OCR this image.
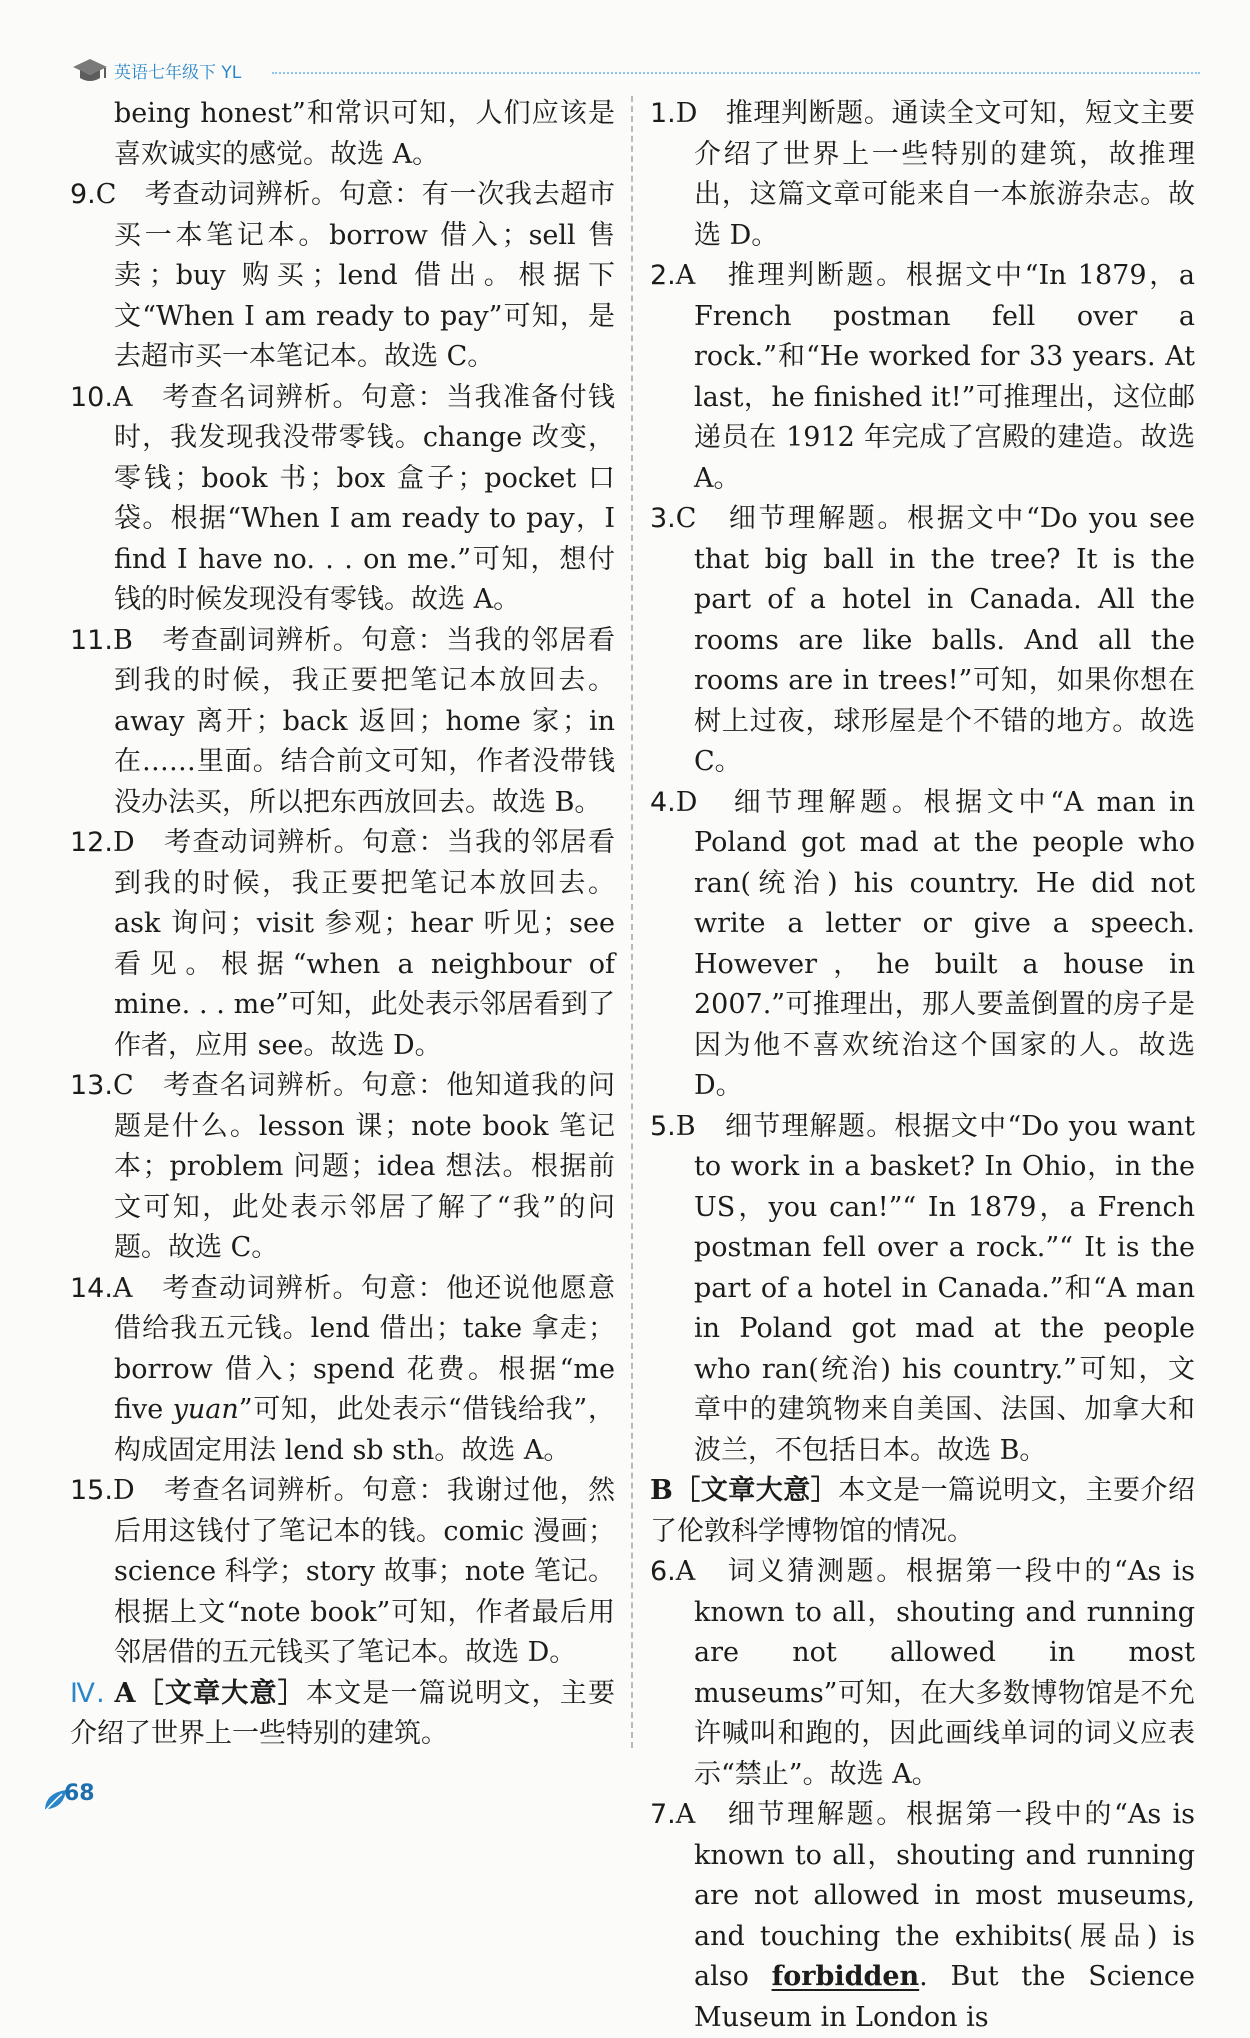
英语七年级下 YL

being honest”和常识可知，人们应该是喜欢诚实的感觉。故选 A。

9.C　考查动词辨析。句意：有一次我去超市买一本笔记本。borrow 借入；sell 售卖；buy 购买；lend 借出。根据下文“When I am ready to pay”可知，是去超市买一本笔记本。故选 C。

10.A　考查名词辨析。句意：当我准备付钱时，我发现我没带零钱。change 改变，零钱；book 书；box 盒子；pocket 口袋。根据“When I am ready to pay，I find I have no. . . on me.”可知，想付钱的时候发现没有零钱。故选 A。

11.B　考查副词辨析。句意：当我的邻居看到我的时候，我正要把笔记本放回去。away 离开；back 返回；home 家；in 在……里面。结合前文可知，作者没带钱没办法买，所以把东西放回去。故选 B。

12.D　考查动词辨析。句意：当我的邻居看到我的时候，我正要把笔记本放回去。ask 询问；visit 参观；hear 听见；see 看见。根据“when a neighbour of mine. . . me”可知，此处表示邻居看到了作者，应用 see。故选 D。

13.C　考查名词辨析。句意：他知道我的问题是什么。lesson 课；note book 笔记本；problem 问题；idea 想法。根据前文可知，此处表示邻居了解了“我”的问题。故选 C。

14.A　考查动词辨析。句意：他还说他愿意借给我五元钱。lend 借出；take 拿走；borrow 借入；spend 花费。根据“me five yuan”可知，此处表示“借钱给我”，构成固定用法 lend sb sth。故选 A。

15.D　考查名词辨析。句意：我谢过他，然后用这钱付了笔记本的钱。comic 漫画；science 科学；story 故事；note 笔记。根据上文“note book”可知，作者最后用邻居借的五元钱买了笔记本。故选 D。

Ⅳ. A［文章大意］本文是一篇说明文，主要介绍了世界上一些特别的建筑。

1.D　推理判断题。通读全文可知，短文主要介绍了世界上一些特别的建筑，故推理出，这篇文章可能来自一本旅游杂志。故选 D。

2.A　推理判断题。根据文中“In 1879，a French postman fell over a rock.”和“He worked for 33 years. At last，he finished it!”可推理出，这位邮递员在 1912 年完成了宫殿的建造。故选 A。

3.C　细节理解题。根据文中“Do you see that big ball in the tree? It is the part of a hotel in Canada. All the rooms are like balls. And all the rooms are in trees!”可知，如果你想在树上过夜，球形屋是个不错的地方。故选 C。

4.D　细节理解题。根据文中“A man in Poland got mad at the people who ran(统治) his country. He did not write a letter or give a speech. However，he built a house in 2007.”可推理出，那人要盖倒置的房子是因为他不喜欢统治这个国家的人。故选 D。

5.B　细节理解题。根据文中“Do you want to work in a basket? In Ohio，in the US，you can!”“ In 1879，a French postman fell over a rock.”“ It is the part of a hotel in Canada.”和“A man in Poland got mad at the people who ran(统治) his country.”可知，文章中的建筑物来自美国、法国、加拿大和波兰，不包括日本。故选 B。

B［文章大意］本文是一篇说明文，主要介绍了伦敦科学博物馆的情况。

6.A　词义猜测题。根据第一段中的“As is known to all，shouting and running are not allowed in most museums”可知，在大多数博物馆是不允许喊叫和跑的，因此画线单词的词义应表示“禁止”。故选 A。

7.A　细节理解题。根据第一段中的“As is known to all，shouting and running are not allowed in most museums, and touching the exhibits(展品) is also forbidden. But the Science Museum in London is

68
